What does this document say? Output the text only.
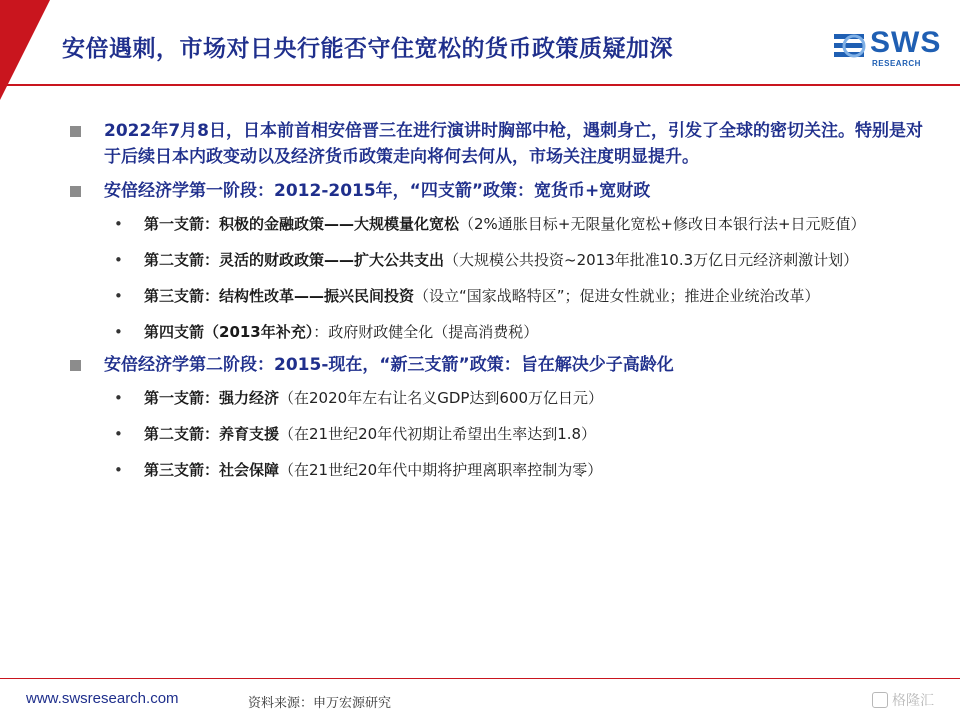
安倍遇刺，市场对日央行能否守住宽松的货币政策质疑加深	SWS
RESEARCH
2022年7月8日，日本前首相安倍晋三在进行演讲时胸部中枪，遇刺身亡，引发了全球的密切关注。特别是对于后续日本内政变动以及经济货币政策走向将何去何从，市场关注度明显提升。
安倍经济学第一阶段：2012-2015年，“四支箭”政策：宽货币+宽财政
• 第一支箭：积极的金融政策——大规模量化宽松（2%通胀目标+无限量化宽松+修改日本银行法+日元贬值）
• 第二支箭：灵活的财政政策——扩大公共支出（大规模公共投资~2013年批准10.3万亿日元经济刺激计划）
• 第三支箭：结构性改革——振兴民间投资（设立“国家战略特区”；促进女性就业；推进企业统治改革）
• 第四支箭（2013年补充）：政府财政健全化（提高消费税）
安倍经济学第二阶段：2015-现在，“新三支箭”政策：旨在解决少子高龄化
• 第一支箭：强力经济（在2020年左右让名义GDP达到600万亿日元）
• 第二支箭：养育支援（在21世纪20年代初期让希望出生率达到1.8）
• 第三支箭：社会保障（在21世纪20年代中期将护理离职率控制为零）
www.swsresearch.com	资料来源：申万宏源研究	格隆汇
